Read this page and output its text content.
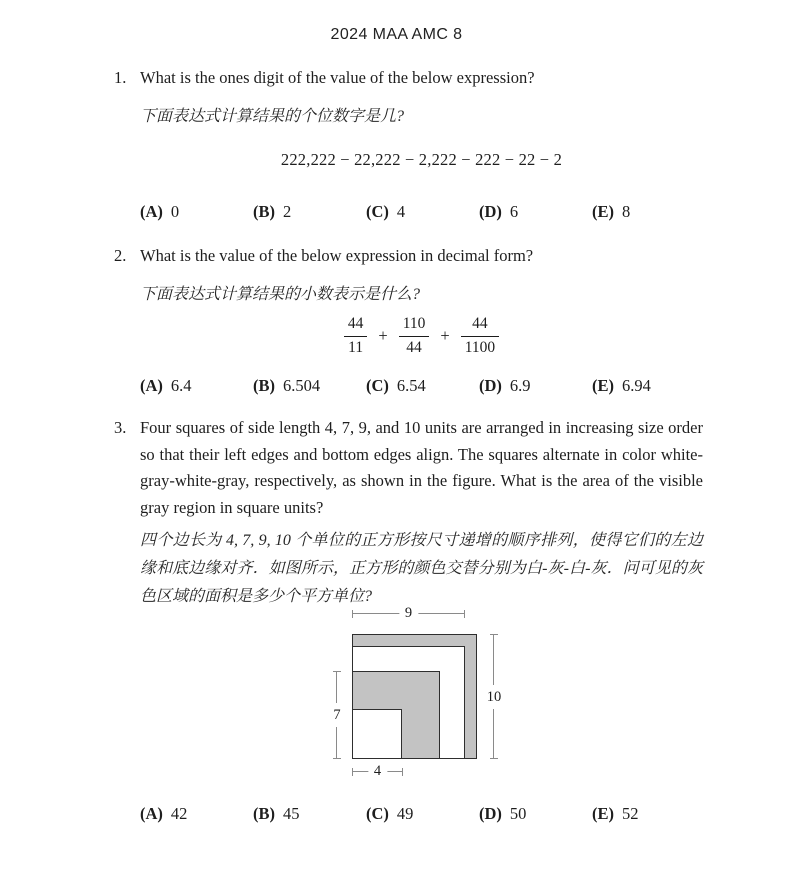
2024 MAA AMC 8
1. What is the ones digit of the value of the below expression?

下面表达式计算结果的个位数字是几?

222,222 − 22,222 − 2,222 − 222 − 22 − 2
(A) 0	(B) 2	(C) 4	(D) 6	(E) 8
2. What is the value of the below expression in decimal form?

下面表达式计算结果的小数表示是什么?

$\frac{44}{11} + \frac{110}{44} + \frac{44}{1100}$
(A) 6.4	(B) 6.504	(C) 6.54	(D) 6.9	(E) 6.94
3. Four squares of side length 4, 7, 9, and 10 units are arranged in increasing size order so that their left edges and bottom edges align. The squares alternate in color white-gray-white-gray, respectively, as shown in the figure. What is the area of the visible gray region in square units?

四个边长为 4, 7, 9, 10 个单位的正方形按尺寸递增的顺序排列，使得它们的左边缘和底边缘对齐．如图所示，正方形的颜色交替分别为白-灰-白-灰．问可见的灰色区域的面积是多少个平方单位?

9
10
7
4
(A) 42	(B) 45	(C) 49	(D) 50	(E) 52
